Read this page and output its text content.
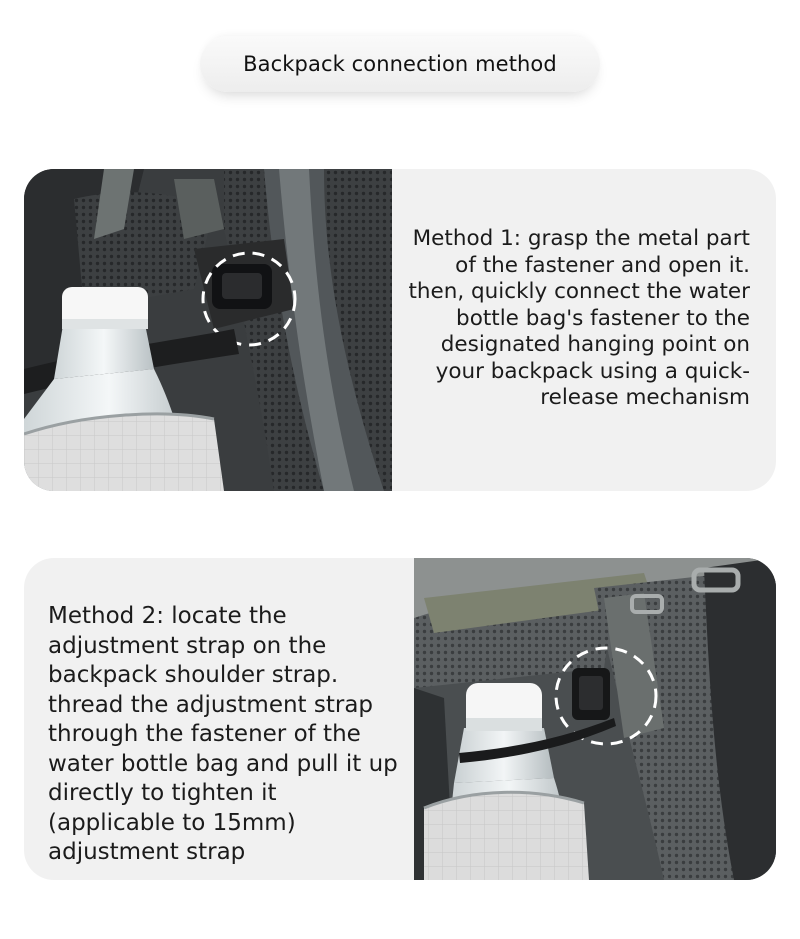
Backpack connection method
Method 1: grasp the metal part of the fastener and open it. then, quickly connect the water bottle bag's fastener to the designated hanging point on your backpack using a quick-release mechanism
Method 2: locate the adjustment strap on the backpack shoulder strap. thread the adjustment strap through the fastener of the water bottle bag and pull it up directly to tighten it (applicable to 15mm) adjustment strap
